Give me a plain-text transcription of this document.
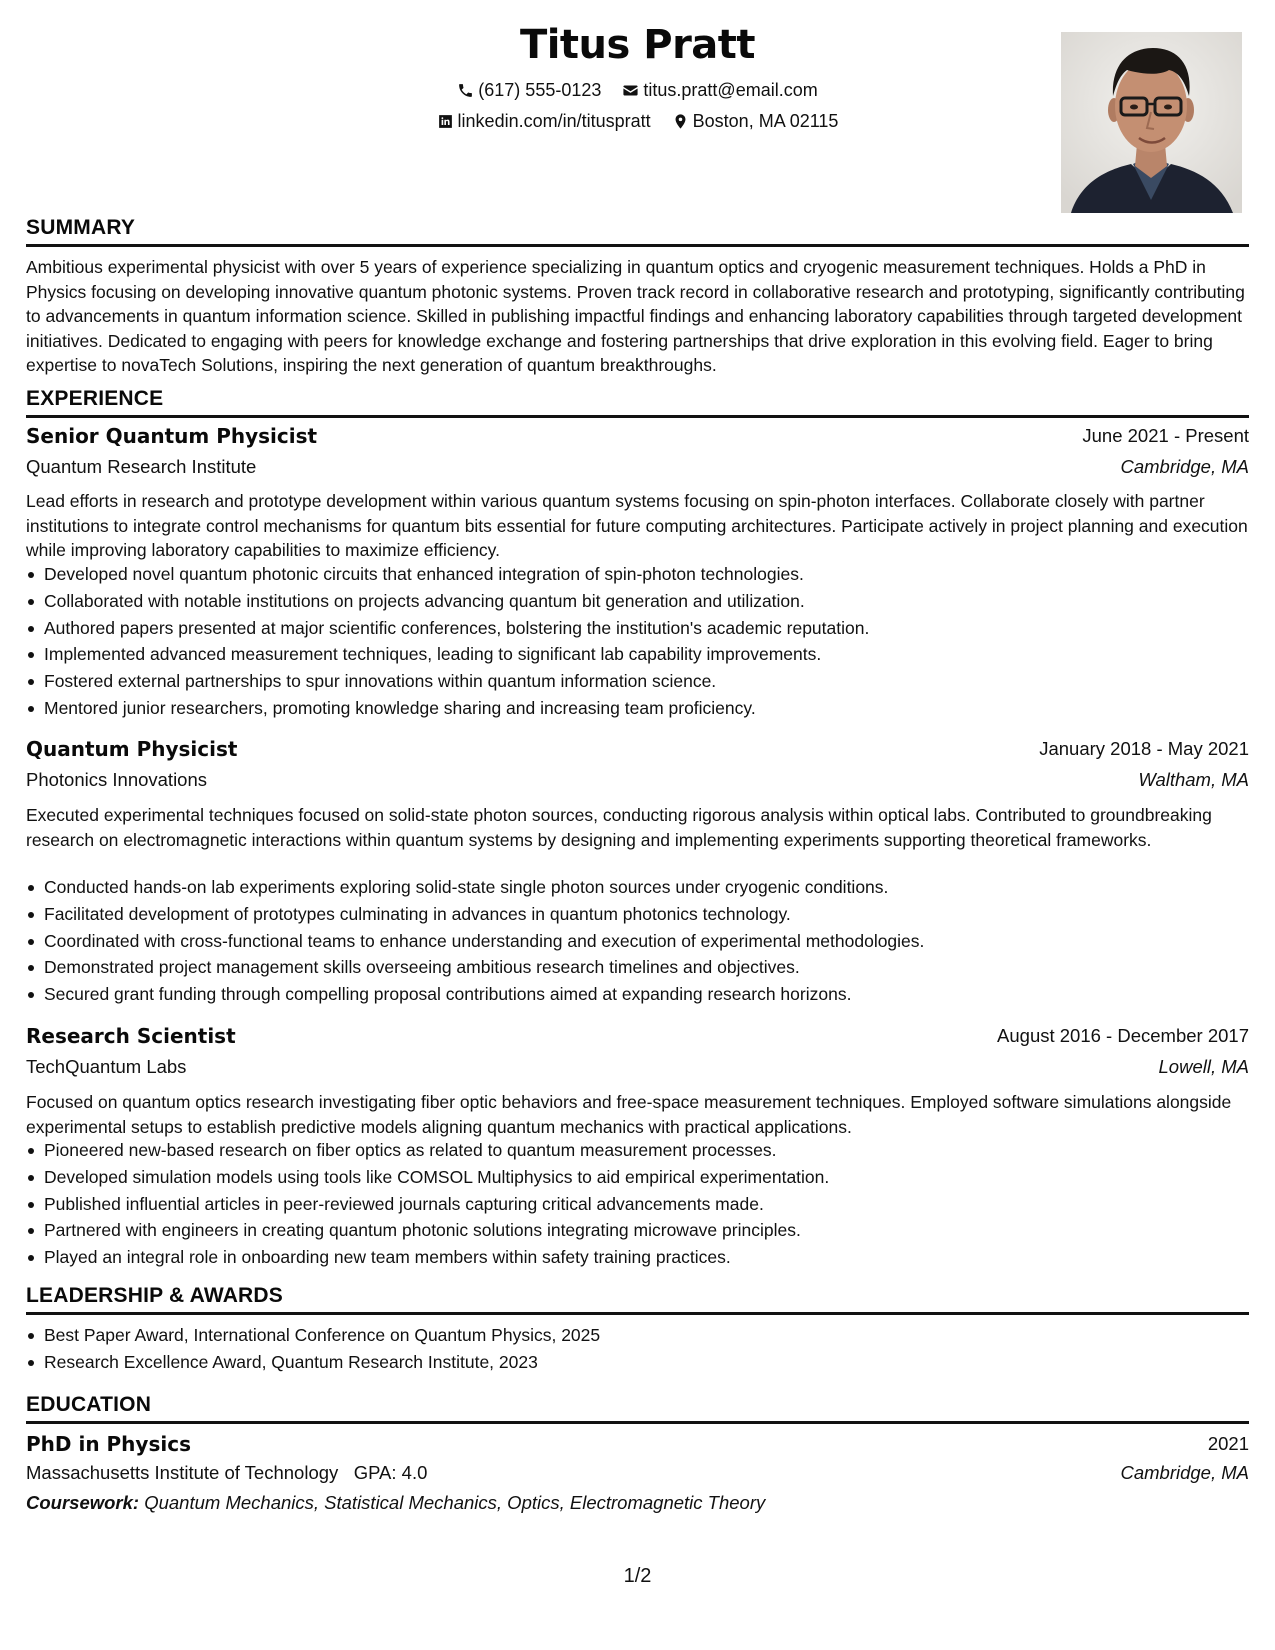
Titus Pratt
(617) 555-0123
titus.pratt@email.com
linkedin.com/in/tituspratt
Boston, MA 02115
SUMMARY

Ambitious experimental physicist with over 5 years of experience specializing in quantum optics and cryogenic measurement techniques. Holds a PhD in Physics focusing on developing innovative quantum photonic systems. Proven track record in collaborative research and prototyping, significantly contributing to advancements in quantum information science. Skilled in publishing impactful findings and enhancing laboratory capabilities through targeted development initiatives. Dedicated to engaging with peers for knowledge exchange and fostering partnerships that drive exploration in this evolving field. Eager to bring expertise to novaTech Solutions, inspiring the next generation of quantum breakthroughs.

EXPERIENCE

Senior Quantum Physicist	June 2021 - Present

Quantum Research Institute	Cambridge, MA

Lead efforts in research and prototype development within various quantum systems focusing on spin-photon interfaces. Collaborate closely with partner institutions to integrate control mechanisms for quantum bits essential for future computing architectures. Participate actively in project planning and execution while improving laboratory capabilities to maximize efficiency.

Developed novel quantum photonic circuits that enhanced integration of spin-photon technologies.
Collaborated with notable institutions on projects advancing quantum bit generation and utilization.
Authored papers presented at major scientific conferences, bolstering the institution's academic reputation.
Implemented advanced measurement techniques, leading to significant lab capability improvements.
Fostered external partnerships to spur innovations within quantum information science.
Mentored junior researchers, promoting knowledge sharing and increasing team proficiency.

Quantum Physicist	January 2018 - May 2021

Photonics Innovations	Waltham, MA

Executed experimental techniques focused on solid-state photon sources, conducting rigorous analysis within optical labs. Contributed to groundbreaking research on electromagnetic interactions within quantum systems by designing and implementing experiments supporting theoretical frameworks.

Conducted hands-on lab experiments exploring solid-state single photon sources under cryogenic conditions.
Facilitated development of prototypes culminating in advances in quantum photonics technology.
Coordinated with cross-functional teams to enhance understanding and execution of experimental methodologies.
Demonstrated project management skills overseeing ambitious research timelines and objectives.
Secured grant funding through compelling proposal contributions aimed at expanding research horizons.

Research Scientist	August 2016 - December 2017

TechQuantum Labs	Lowell, MA

Focused on quantum optics research investigating fiber optic behaviors and free-space measurement techniques. Employed software simulations alongside experimental setups to establish predictive models aligning quantum mechanics with practical applications.

Pioneered new-based research on fiber optics as related to quantum measurement processes.
Developed simulation models using tools like COMSOL Multiphysics to aid empirical experimentation.
Published influential articles in peer-reviewed journals capturing critical advancements made.
Partnered with engineers in creating quantum photonic solutions integrating microwave principles.
Played an integral role in onboarding new team members within safety training practices.
LEADERSHIP & AWARDS
Best Paper Award, International Conference on Quantum Physics, 2025
Research Excellence Award, Quantum Research Institute, 2023
EDUCATION

PhD in Physics	2021

Massachusetts Institute of Technology GPA: 4.0	Cambridge, MA

Coursework: Quantum Mechanics, Statistical Mechanics, Optics, Electromagnetic Theory

1/2
